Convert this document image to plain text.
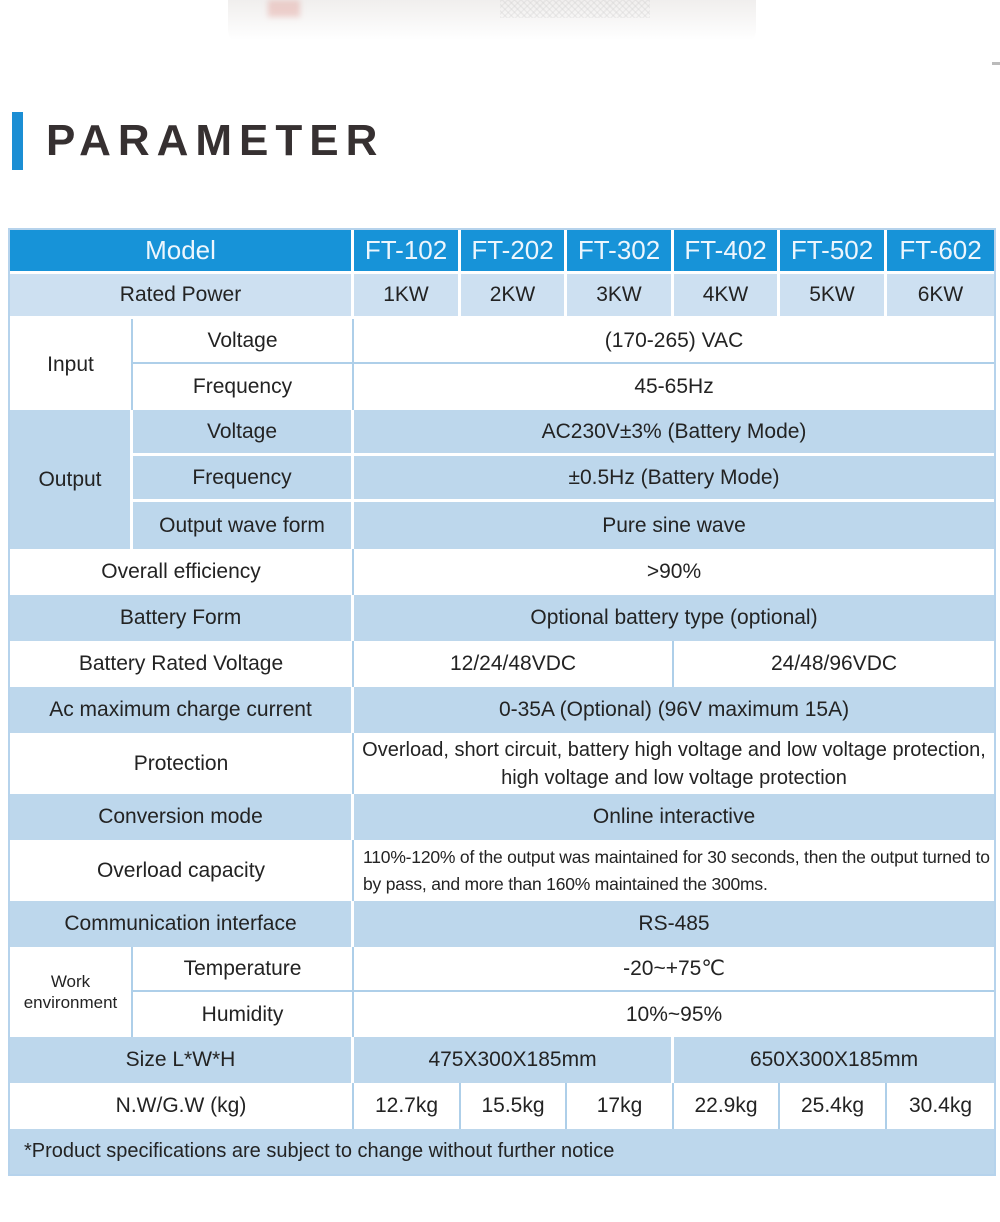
PARAMETER
Model		FT-102	FT-202	FT-302	FT-402	FT-502	FT-602
Rated Power		1KW	2KW	3KW	4KW	5KW	6KW
Input	Voltage	(170-265) VAC					
	Frequency	45-65Hz					
Output	Voltage	AC230V±3% (Battery Mode)					
	Frequency	±0.5Hz (Battery Mode)					
	Output wave form	Pure sine wave					
Overall efficiency		>90%					
Battery Form		Optional battery type (optional)					
Battery Rated Voltage		12/24/48VDC			24/48/96VDC		
Ac maximum charge current		0-35A (Optional) (96V maximum 15A)					
Protection		Overload, short circuit, battery high voltage and low voltage protection, high voltage and low voltage protection					
Conversion mode		Online interactive					
Overload capacity		110%-120% of the output was maintained for 30 seconds, then the output turned to by pass, and more than 160% maintained the 300ms.					
Communication interface		RS-485					
Work environment	Temperature	-20~+75℃					
	Humidity	10%~95%					
Size L*W*H		475X300X185mm			650X300X185mm		
N.W/G.W (kg)		12.7kg	15.5kg	17kg	22.9kg	25.4kg	30.4kg
*Product specifications are subject to change without further notice							
